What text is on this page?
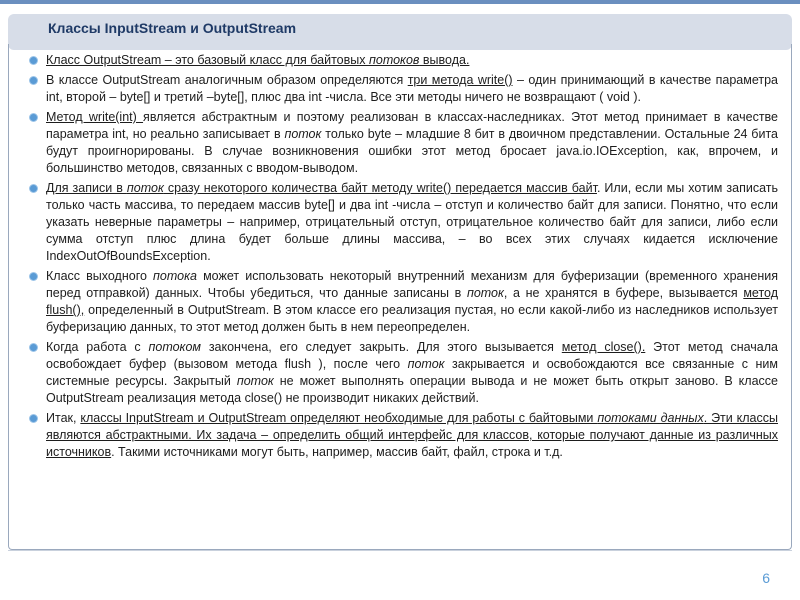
Классы InputStream и OutputStream

Класс OutputStream – это базовый класс для байтовых потоков вывода.

В классе OutputStream аналогичным образом определяются три метода write() – один принимающий в качестве параметра int, второй – byte[] и третий –byte[], плюс два int -числа. Все эти методы ничего не возвращают ( void ).

Метод write(int) является абстрактным и поэтому реализован в классах-наследниках. Этот метод принимает в качестве параметра int, но реально записывает в поток только byte – младшие 8 бит в двоичном представлении. Остальные 24 бита будут проигнорированы. В случае возникновения ошибки этот метод бросает java.io.IOException, как, впрочем, и большинство методов, связанных с вводом-выводом.

Для записи в поток сразу некоторого количества байт методу write() передается массив байт. Или, если мы хотим записать только часть массива, то передаем массив byte[] и два int -числа – отступ и количество байт для записи. Понятно, что если указать неверные параметры – например, отрицательный отступ, отрицательное количество байт для записи, либо если сумма отступ плюс длина будет больше длины массива, – во всех этих случаях кидается исключение IndexOutOfBoundsException.

Класс выходного потока может использовать некоторый внутренний механизм для буферизации (временного хранения перед отправкой) данных. Чтобы убедиться, что данные записаны в поток, а не хранятся в буфере, вызывается метод flush(), определенный в OutputStream. В этом классе его реализация пустая, но если какой-либо из наследников использует буферизацию данных, то этот метод должен быть в нем переопределен.

Когда работа с потоком закончена, его следует закрыть. Для этого вызывается метод close(). Этот метод сначала освобождает буфер (вызовом метода flush ), после чего поток закрывается и освобождаются все связанные с ним системные ресурсы. Закрытый поток не может выполнять операции вывода и не может быть открыт заново. В классе OutputStream реализация метода close() не производит никаких действий.

Итак, классы InputStream и OutputStream определяют необходимые для работы с байтовыми потоками данных. Эти классы являются абстрактными. Их задача – определить общий интерфейс для классов, которые получают данные из различных источников. Такими источниками могут быть, например, массив байт, файл, строка и т.д.

6
